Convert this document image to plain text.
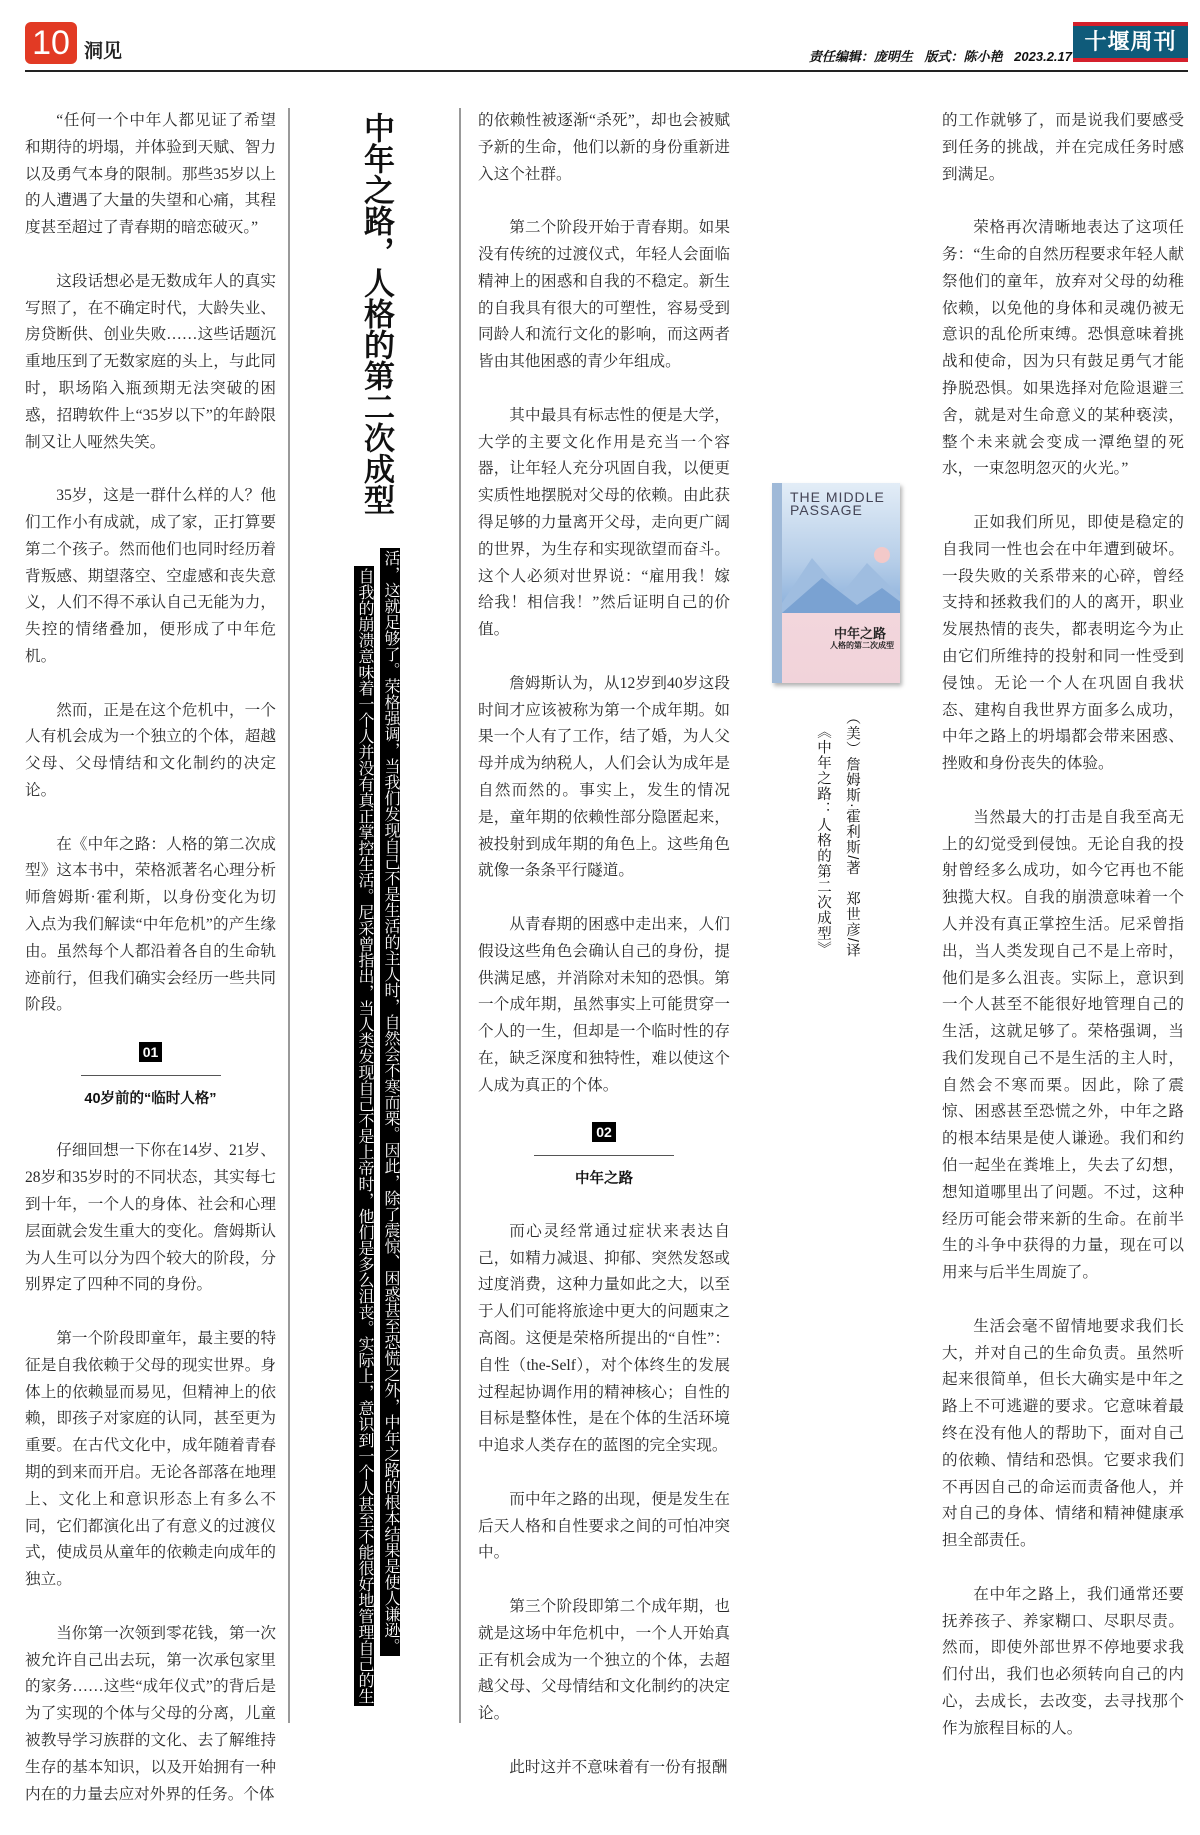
10 洞见	责任编辑：庞明生 版式：陈小艳 2023.2.17
十堰周刊

“任何一个中年人都见证了希望和期待的坍塌，并体验到天赋、智力以及勇气本身的限制。那些35岁以上的人遭遇了大量的失望和心痛，其程度甚至超过了青春期的暗恋破灭。”

这段话想必是无数成年人的真实写照了，在不确定时代，大龄失业、房贷断供、创业失败……这些话题沉重地压到了无数家庭的头上，与此同时，职场陷入瓶颈期无法突破的困惑，招聘软件上“35岁以下”的年龄限制又让人哑然失笑。

35岁，这是一群什么样的人？他们工作小有成就，成了家，正打算要第二个孩子。然而他们也同时经历着背叛感、期望落空、空虚感和丧失意义，人们不得不承认自己无能为力，失控的情绪叠加，便形成了中年危机。

然而，正是在这个危机中，一个人有机会成为一个独立的个体，超越父母、父母情结和文化制约的决定论。

在《中年之路：人格的第二次成型》这本书中，荣格派著名心理分析师詹姆斯·霍利斯，以身份变化为切入点为我们解读“中年危机”的产生缘由。虽然每个人都沿着各自的生命轨迹前行，但我们确实会经历一些共同阶段。

01
40岁前的“临时人格”

仔细回想一下你在14岁、21岁、28岁和35岁时的不同状态，其实每七到十年，一个人的身体、社会和心理层面就会发生重大的变化。詹姆斯认为人生可以分为四个较大的阶段，分别界定了四种不同的身份。

第一个阶段即童年，最主要的特征是自我依赖于父母的现实世界。身体上的依赖显而易见，但精神上的依赖，即孩子对家庭的认同，甚至更为重要。在古代文化中，成年随着青春期的到来而开启。无论各部落在地理上、文化上和意识形态上有多么不同，它们都演化出了有意义的过渡仪式，使成员从童年的依赖走向成年的独立。

当你第一次领到零花钱，第一次被允许自己出去玩，第一次承包家里的家务……这些“成年仪式”的背后是为了实现的个体与父母的分离，儿童被教导学习族群的文化、去了解维持生存的基本知识，以及开始拥有一种内在的力量去应对外界的任务。个体

中年之路，人格的第二次成型
自我的崩溃意味着一个人并没有真正掌控生活。尼采曾指出，当人类发现自己不是上帝时，他们是多么沮丧。实际上，意识到一个人甚至不能很好地管理自己的生 活，这就足够了。荣格强调，当我们发现自己不是生活的主人时，自然会不寒而栗。因此，除了震惊、困惑甚至恐慌之外，中年之路的根本结果是使人谦逊。

的依赖性被逐渐“杀死”，却也会被赋予新的生命，他们以新的身份重新进入这个社群。

第二个阶段开始于青春期。如果没有传统的过渡仪式，年轻人会面临精神上的困惑和自我的不稳定。新生的自我具有很大的可塑性，容易受到同龄人和流行文化的影响，而这两者皆由其他困惑的青少年组成。

其中最具有标志性的便是大学，大学的主要文化作用是充当一个容器，让年轻人充分巩固自我，以便更实质性地摆脱对父母的依赖。由此获得足够的力量离开父母，走向更广阔的世界，为生存和实现欲望而奋斗。这个人必须对世界说：“雇用我！嫁给我！相信我！”然后证明自己的价值。

詹姆斯认为，从12岁到40岁这段时间才应该被称为第一个成年期。如果一个人有了工作，结了婚，为人父母并成为纳税人，人们会认为成年是自然而然的。事实上，发生的情况是，童年期的依赖性部分隐匿起来，被投射到成年期的角色上。这些角色就像一条条平行隧道。

从青春期的困惑中走出来，人们假设这些角色会确认自己的身份，提供满足感，并消除对未知的恐惧。第一个成年期，虽然事实上可能贯穿一个人的一生，但却是一个临时性的存在，缺乏深度和独特性，难以使这个人成为真正的个体。

02
中年之路

而心灵经常通过症状来表达自己，如精力减退、抑郁、突然发怒或过度消费，这种力量如此之大，以至于人们可能将旅途中更大的问题束之高阁。这便是荣格所提出的“自性”：自性（the-Self），对个体终生的发展过程起协调作用的精神核心；自性的目标是整体性，是在个体的生活环境中追求人类存在的蓝图的完全实现。

而中年之路的出现，便是发生在后天人格和自性要求之间的可怕冲突中。

第三个阶段即第二个成年期，也就是这场中年危机中，一个人开始真正有机会成为一个独立的个体，去超越父母、父母情结和文化制约的决定论。

此时这并不意味着有一份有报酬

THE MIDDLE PASSAGE
中年之路
人格的第二次成型
（美）詹姆斯·霍利斯/著　郑世彦/译
《中年之路：人格的第二次成型》

的工作就够了，而是说我们要感受到任务的挑战，并在完成任务时感到满足。

荣格再次清晰地表达了这项任务：“生命的自然历程要求年轻人献祭他们的童年，放弃对父母的幼稚依赖，以免他的身体和灵魂仍被无意识的乱伦所束缚。恐惧意味着挑战和使命，因为只有鼓足勇气才能挣脱恐惧。如果选择对危险退避三舍，就是对生命意义的某种亵渎，整个未来就会变成一潭绝望的死水，一束忽明忽灭的火光。”

正如我们所见，即使是稳定的自我同一性也会在中年遭到破坏。一段失败的关系带来的心碎，曾经支持和拯救我们的人的离开，职业发展热情的丧失，都表明迄今为止由它们所维持的投射和同一性受到侵蚀。无论一个人在巩固自我状态、建构自我世界方面多么成功，中年之路上的坍塌都会带来困惑、挫败和身份丧失的体验。

当然最大的打击是自我至高无上的幻觉受到侵蚀。无论自我的投射曾经多么成功，如今它再也不能独揽大权。自我的崩溃意味着一个人并没有真正掌控生活。尼采曾指出，当人类发现自己不是上帝时，他们是多么沮丧。实际上，意识到一个人甚至不能很好地管理自己的生活，这就足够了。荣格强调，当我们发现自己不是生活的主人时，自然会不寒而栗。因此，除了震惊、困惑甚至恐慌之外，中年之路的根本结果是使人谦逊。我们和约伯一起坐在粪堆上，失去了幻想，想知道哪里出了问题。不过，这种经历可能会带来新的生命。在前半生的斗争中获得的力量，现在可以用来与后半生周旋了。

生活会毫不留情地要求我们长大，并对自己的生命负责。虽然听起来很简单，但长大确实是中年之路上不可逃避的要求。它意味着最终在没有他人的帮助下，面对自己的依赖、情结和恐惧。它要求我们不再因自己的命运而责备他人，并对自己的身体、情绪和精神健康承担全部责任。

在中年之路上，我们通常还要抚养孩子、养家糊口、尽职尽责。然而，即使外部世界不停地要求我们付出，我们也必须转向自己的内心，去成长，去改变，去寻找那个作为旅程目标的人。
